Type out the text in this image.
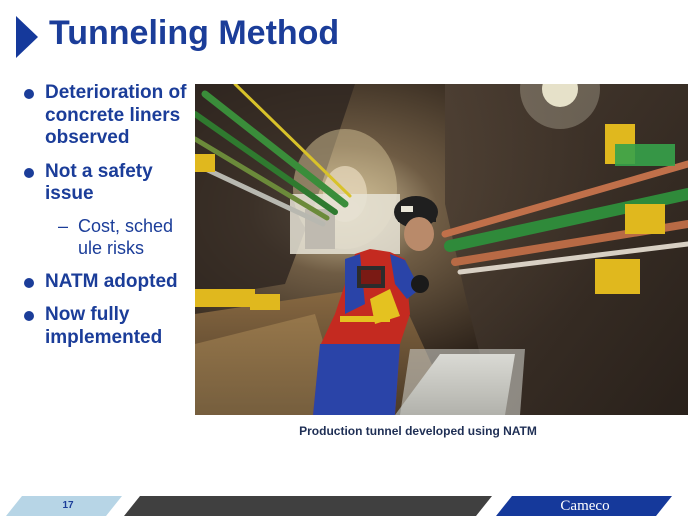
Tunneling Method
Deterioration of concrete liners observed
Not a safety issue
– Cost, sched ule risks
NATM adopted
Now fully implemented
Production tunnel developed using NATM
17	Cameco
